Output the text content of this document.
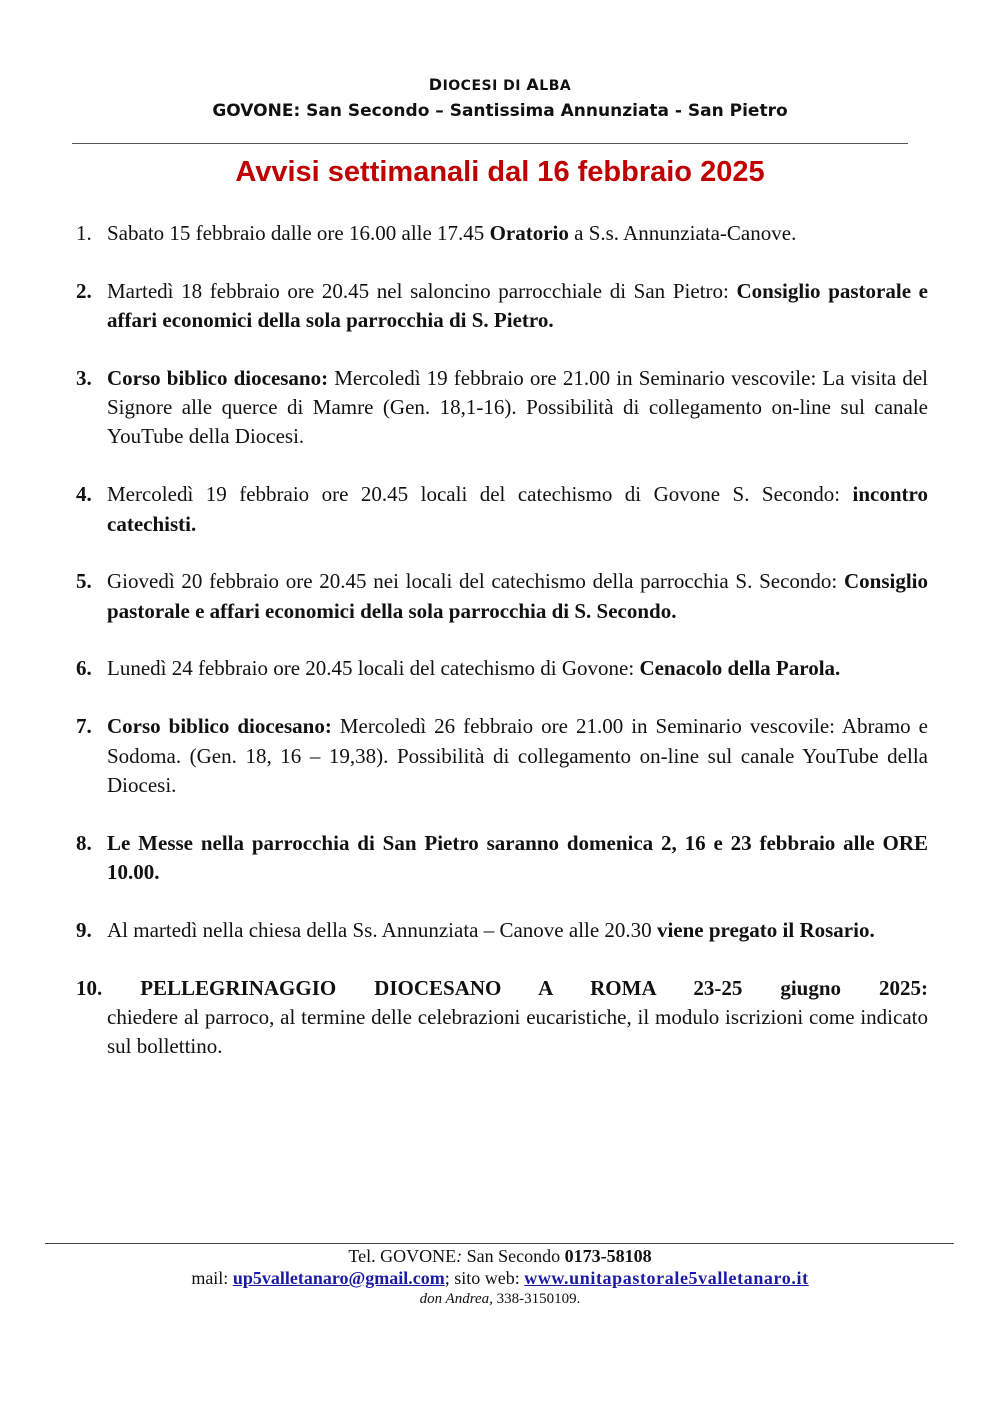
DIOCESI DI ALBA
GOVONE: San Secondo – Santissima Annunziata - San Pietro
Avvisi settimanali dal 16 febbraio 2025
1. Sabato 15 febbraio dalle ore 16.00 alle 17.45 Oratorio a S.s. Annunziata-Canove.
2. Martedì 18 febbraio ore 20.45 nel saloncino parrocchiale di San Pietro: Consiglio pastorale e affari economici della sola parrocchia di S. Pietro.
3. Corso biblico diocesano: Mercoledì 19 febbraio ore 21.00 in Seminario vescovile: La visita del Signore alle querce di Mamre (Gen. 18,1-16). Possibilità di collegamento on-line sul canale YouTube della Diocesi.
4. Mercoledì 19 febbraio ore 20.45 locali del catechismo di Govone S. Secondo: incontro catechisti.
5. Giovedì 20 febbraio ore 20.45 nei locali del catechismo della parrocchia S. Secondo: Consiglio pastorale e affari economici della sola parrocchia di S. Secondo.
6. Lunedì 24 febbraio ore 20.45 locali del catechismo di Govone: Cenacolo della Parola.
7. Corso biblico diocesano: Mercoledì 26 febbraio ore 21.00 in Seminario vescovile: Abramo e Sodoma. (Gen. 18, 16 – 19,38). Possibilità di collegamento on-line sul canale YouTube della Diocesi.
8. Le Messe nella parrocchia di San Pietro saranno domenica 2, 16 e 23 febbraio alle ORE 10.00.
9. Al martedì nella chiesa della Ss. Annunziata – Canove alle 20.30 viene pregato il Rosario.
10. PELLEGRINAGGIO DIOCESANO A ROMA 23-25 giugno 2025:
chiedere al parroco, al termine delle celebrazioni eucaristiche, il modulo iscrizioni come indicato sul bollettino.
Tel. GOVONE: San Secondo 0173-58108
mail: up5valletanaro@gmail.com; sito web: www.unitapastorale5valletanaro.it
don Andrea, 338-3150109.
